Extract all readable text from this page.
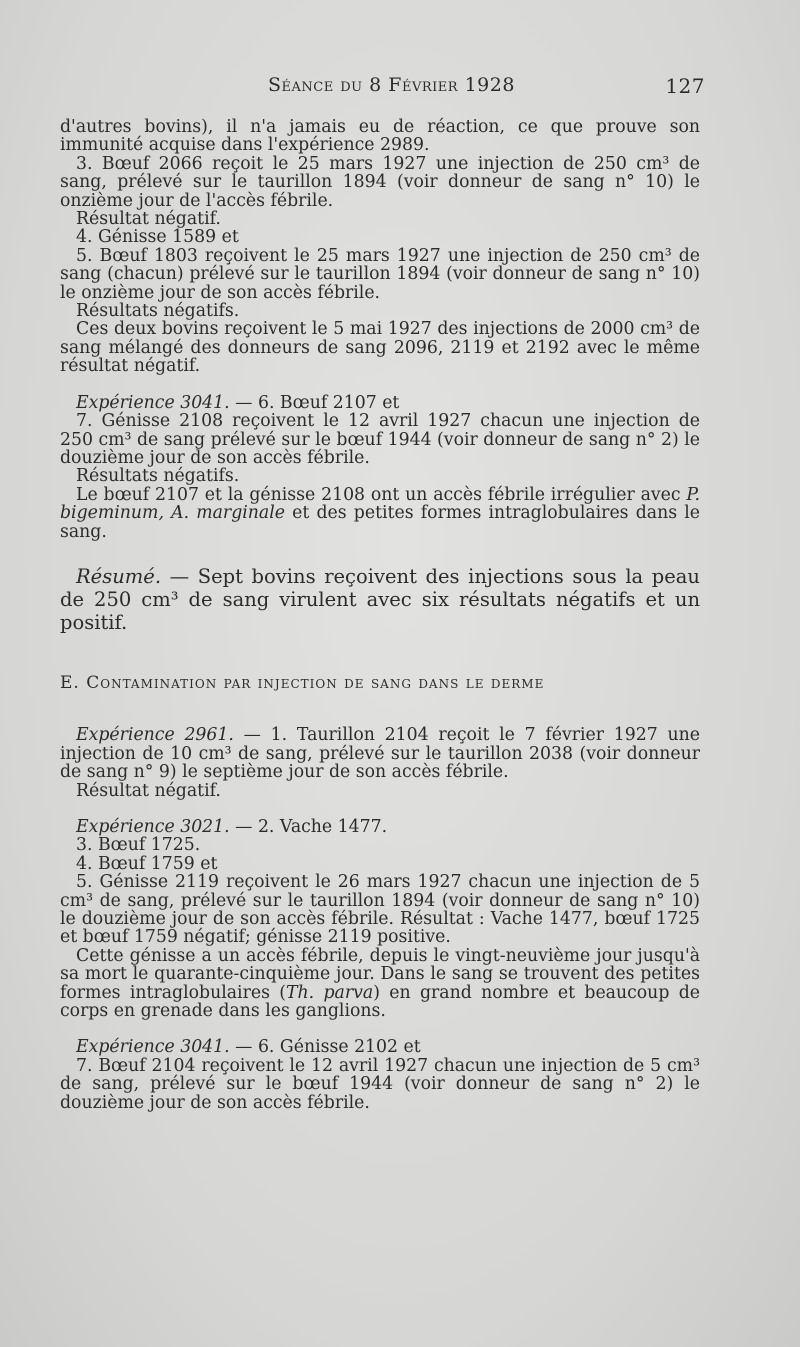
Séance du 8 Février 1928	127

d'autres bovins), il n'a jamais eu de réaction, ce que prouve son immunité acquise dans l'expérience 2989.

3. Bœuf 2066 reçoit le 25 mars 1927 une injection de 250 cm³ de sang, prélevé sur le taurillon 1894 (voir donneur de sang n° 10) le onzième jour de l'accès fébrile.

Résultat négatif.

4. Génisse 1589 et

5. Bœuf 1803 reçoivent le 25 mars 1927 une injection de 250 cm³ de sang (chacun) prélevé sur le taurillon 1894 (voir donneur de sang n° 10) le onzième jour de son accès fébrile.

Résultats négatifs.

Ces deux bovins reçoivent le 5 mai 1927 des injections de 2000 cm³ de sang mélangé des donneurs de sang 2096, 2119 et 2192 avec le même résultat négatif.

Expérience 3041. — 6. Bœuf 2107 et

7. Génisse 2108 reçoivent le 12 avril 1927 chacun une injection de 250 cm³ de sang prélevé sur le bœuf 1944 (voir donneur de sang n° 2) le douzième jour de son accès fébrile.

Résultats négatifs.

Le bœuf 2107 et la génisse 2108 ont un accès fébrile irrégulier avec P. bigeminum, A. marginale et des petites formes intraglobulaires dans le sang.

Résumé. — Sept bovins reçoivent des injections sous la peau de 250 cm³ de sang virulent avec six résultats négatifs et un positif.

E. Contamination par injection de sang dans le derme

Expérience 2961. — 1. Taurillon 2104 reçoit le 7 février 1927 une injection de 10 cm³ de sang, prélevé sur le taurillon 2038 (voir donneur de sang n° 9) le septième jour de son accès fébrile.

Résultat négatif.

Expérience 3021. — 2. Vache 1477.

3. Bœuf 1725.

4. Bœuf 1759 et

5. Génisse 2119 reçoivent le 26 mars 1927 chacun une injection de 5 cm³ de sang, prélevé sur le taurillon 1894 (voir donneur de sang n° 10) le douzième jour de son accès fébrile. Résultat : Vache 1477, bœuf 1725 et bœuf 1759 négatif; génisse 2119 positive.

Cette génisse a un accès fébrile, depuis le vingt-neuvième jour jusqu'à sa mort le quarante-cinquième jour. Dans le sang se trouvent des petites formes intraglobulaires (Th. parva) en grand nombre et beaucoup de corps en grenade dans les ganglions.

Expérience 3041. — 6. Génisse 2102 et

7. Bœuf 2104 reçoivent le 12 avril 1927 chacun une injection de 5 cm³ de sang, prélevé sur le bœuf 1944 (voir donneur de sang n° 2) le douzième jour de son accès fébrile.
